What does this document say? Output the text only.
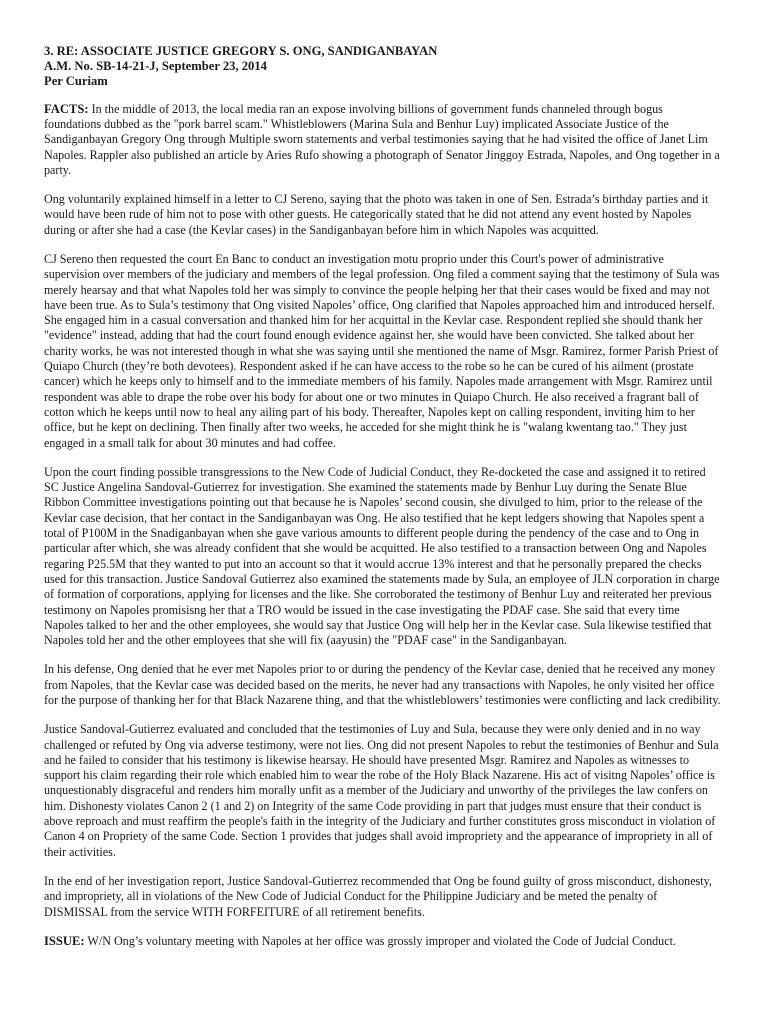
3. RE: ASSOCIATE JUSTICE GREGORY S. ONG, SANDIGANBAYAN
A.M. No. SB-14-21-J, September 23, 2014
Per Curiam

FACTS: In the middle of 2013, the local media ran an expose involving billions of government funds channeled through bogus foundations dubbed as the "pork barrel scam." Whistleblowers (Marina Sula and Benhur Luy) implicated Associate Justice of the Sandiganbayan Gregory Ong through Multiple sworn statements and verbal testimonies saying that he had visited the office of Janet Lim Napoles. Rappler also published an article by Aries Rufo showing a photograph of Senator Jinggoy Estrada, Napoles, and Ong together in a party.

Ong voluntarily explained himself in a letter to CJ Sereno, saying that the photo was taken in one of Sen. Estrada’s birthday parties and it would have been rude of him not to pose with other guests. He categorically stated that he did not attend any event hosted by Napoles during or after she had a case (the Kevlar cases) in the Sandiganbayan before him in which Napoles was acquitted.

CJ Sereno then requested the court En Banc to conduct an investigation motu proprio under this Court's power of administrative supervision over members of the judiciary and members of the legal profession. Ong filed a comment saying that the testimony of Sula was merely hearsay and that what Napoles told her was simply to convince the people helping her that their cases would be fixed and may not have been true. As to Sula’s testimony that Ong visited Napoles’ office, Ong clarified that Napoles approached him and introduced herself. She engaged him in a casual conversation and thanked him for her acquittal in the Kevlar case. Respondent replied she should thank her "evidence" instead, adding that had the court found enough evidence against her, she would have been convicted. She talked about her charity works, he was not interested though in what she was saying until she mentioned the name of Msgr. Ramirez, former Parish Priest of Quiapo Church (they’re both devotees). Respondent asked if he can have access to the robe so he can be cured of his ailment (prostate cancer) which he keeps only to himself and to the immediate members of his family. Napoles made arrangement with Msgr. Ramirez until respondent was able to drape the robe over his body for about one or two minutes in Quiapo Church. He also received a fragrant ball of cotton which he keeps until now to heal any ailing part of his body. Thereafter, Napoles kept on calling respondent, inviting him to her office, but he kept on declining. Then finally after two weeks, he acceded for she might think he is "walang kwentang tao." They just engaged in a small talk for about 30 minutes and had coffee.

Upon the court finding possible transgressions to the New Code of Judicial Conduct, they Re-docketed the case and assigned it to retired SC Justice Angelina Sandoval-Gutierrez for investigation. She examined the statements made by Benhur Luy during the Senate Blue Ribbon Committee investigations pointing out that because he is Napoles’ second cousin, she divulged to him, prior to the release of the Kevlar case decision, that her contact in the Sandiganbayan was Ong. He also testified that he kept ledgers showing that Napoles spent a total of P100M in the Snadiganbayan when she gave various amounts to different people during the pendency of the case and to Ong in particular after which, she was already confident that she would be acquitted. He also testified to a transaction between Ong and Napoles regaring P25.5M that they wanted to put into an account so that it would accrue 13% interest and that he personally prepared the checks used for this transaction. Justice Sandoval Gutierrez also examined the statements made by Sula, an employee of JLN corporation in charge of formation of corporations, applying for licenses and the like. She corroborated the testimony of Benhur Luy and reiterated her previous testimony on Napoles promisisng her that a TRO would be issued in the case investigating the PDAF case. She said that every time Napoles talked to her and the other employees, she would say that Justice Ong will help her in the Kevlar case. Sula likewise testified that Napoles told her and the other employees that she will fix (aayusin) the "PDAF case" in the Sandiganbayan.

In his defense, Ong denied that he ever met Napoles prior to or during the pendency of the Kevlar case, denied that he received any money from Napoles, that the Kevlar case was decided based on the merits, he never had any transactions with Napoles, he only visited her office for the purpose of thanking her for that Black Nazarene thing, and that the whistleblowers’ testimonies were conflicting and lack credibility.

Justice Sandoval-Gutierrez evaluated and concluded that the testimonies of Luy and Sula, because they were only denied and in no way challenged or refuted by Ong via adverse testimony, were not lies. Ong did not present Napoles to rebut the testimonies of Benhur and Sula and he failed to consider that his testimony is likewise hearsay. He should have presented Msgr. Ramirez and Napoles as witnesses to support his claim regarding their role which enabled him to wear the robe of the Holy Black Nazarene. His act of visitng Napoles’ office is unquestionably disgraceful and renders him morally unfit as a member of the Judiciary and unworthy of the privileges the law confers on him. Dishonesty violates Canon 2 (1 and 2) on Integrity of the same Code providing in part that judges must ensure that their conduct is above reproach and must reaffirm the people's faith in the integrity of the Judiciary and further constitutes gross misconduct in violation of Canon 4 on Propriety of the same Code. Section 1 provides that judges shall avoid impropriety and the appearance of impropriety in all of their activities.

In the end of her investigation report, Justice Sandoval-Gutierrez recommended that Ong be found guilty of gross misconduct, dishonesty, and impropriety, all in violations of the New Code of Judicial Conduct for the Philippine Judiciary and be meted the penalty of DISMISSAL from the service WITH FORFEITURE of all retirement benefits.

ISSUE: W/N Ong’s voluntary meeting with Napoles at her office was grossly improper and violated the Code of Judcial Conduct.
